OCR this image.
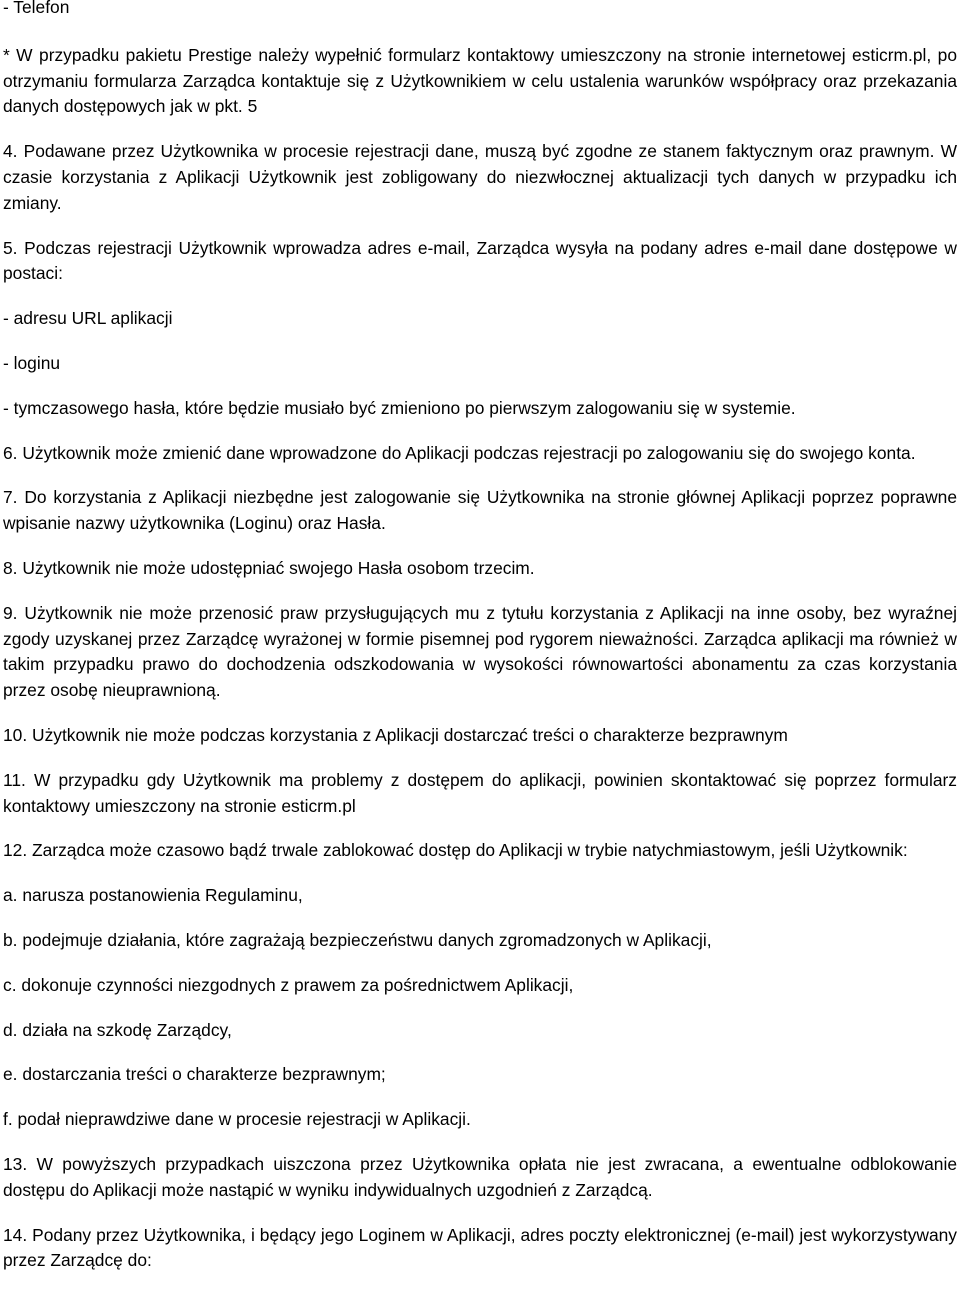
- Telefon

* W przypadku pakietu Prestige należy wypełnić formularz kontaktowy umieszczony na stronie internetowej esticrm.pl, po otrzymaniu formularza Zarządca kontaktuje się z Użytkownikiem w celu ustalenia warunków współpracy oraz przekazania danych dostępowych jak w pkt. 5

4. Podawane przez Użytkownika w procesie rejestracji dane, muszą być zgodne ze stanem faktycznym oraz prawnym. W czasie korzystania z Aplikacji Użytkownik jest zobligowany do niezwłocznej aktualizacji tych danych w przypadku ich zmiany.

5. Podczas rejestracji Użytkownik wprowadza adres e-mail, Zarządca wysyła na podany adres e-mail dane dostępowe w postaci:

- adresu URL aplikacji

- loginu

- tymczasowego hasła, które będzie musiało być zmieniono po pierwszym zalogowaniu się w systemie.

6. Użytkownik może zmienić dane wprowadzone do Aplikacji podczas rejestracji po zalogowaniu się do swojego konta.

7. Do korzystania z Aplikacji niezbędne jest zalogowanie się Użytkownika na stronie głównej Aplikacji poprzez poprawne wpisanie nazwy użytkownika (Loginu) oraz Hasła.

8. Użytkownik nie może udostępniać swojego Hasła osobom trzecim.

9. Użytkownik nie może przenosić praw przysługujących mu z tytułu korzystania z Aplikacji na inne osoby, bez wyraźnej zgody uzyskanej przez Zarządcę wyrażonej w formie pisemnej pod rygorem nieważności. Zarządca aplikacji ma również w takim przypadku prawo do dochodzenia odszkodowania w wysokości równowartości abonamentu za czas korzystania przez osobę nieuprawnioną.

10. Użytkownik nie może podczas korzystania z Aplikacji dostarczać treści o charakterze bezprawnym

11. W przypadku gdy Użytkownik ma problemy z dostępem do aplikacji, powinien skontaktować się poprzez formularz kontaktowy umieszczony na stronie esticrm.pl

12. Zarządca może czasowo bądź trwale zablokować dostęp do Aplikacji w trybie natychmiastowym, jeśli Użytkownik:

a. narusza postanowienia Regulaminu,

b. podejmuje działania, które zagrażają bezpieczeństwu danych zgromadzonych w Aplikacji,

c. dokonuje czynności niezgodnych z prawem za pośrednictwem Aplikacji,

d. działa na szkodę Zarządcy,

e. dostarczania treści o charakterze bezprawnym;

f. podał nieprawdziwe dane w procesie rejestracji w Aplikacji.

13. W powyższych przypadkach uiszczona przez Użytkownika opłata nie jest zwracana, a ewentualne odblokowanie dostępu do Aplikacji może nastąpić w wyniku indywidualnych uzgodnień z Zarządcą.

14. Podany przez Użytkownika, i będący jego Loginem w Aplikacji, adres poczty elektronicznej (e-mail) jest wykorzystywany przez Zarządcę do:
